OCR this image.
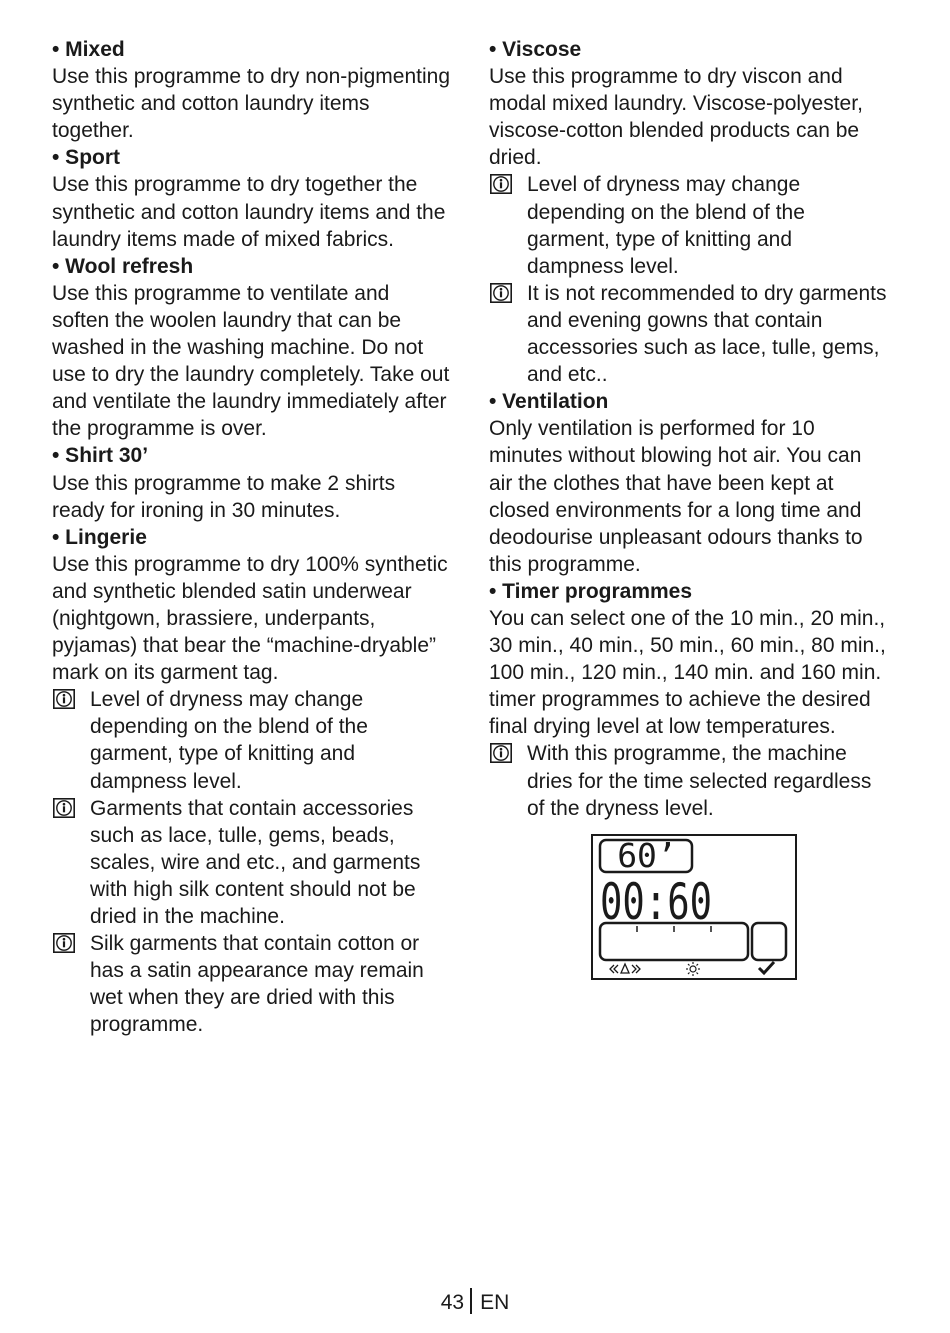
• Mixed

Use this programme to dry non-pigmenting synthetic and cotton laundry items together.

• Sport

Use this programme to dry together the synthetic and cotton laundry items and the laundry items made of mixed fabrics.

• Wool refresh

Use this programme to ventilate and soften the woolen laundry that can be washed in the washing machine. Do not use to dry the laundry completely. Take out and ventilate the laundry immediately after the programme is over.

• Shirt 30’

Use this programme to make 2 shirts ready for ironing in 30 minutes.

• Lingerie

Use this programme to dry 100% synthetic and synthetic blended satin underwear (nightgown, brassiere, underpants, pyjamas) that bear the “machine-dryable” mark on its garment tag.

Level of dryness may change depending on the blend of the garment, type of knitting and dampness level.
Garments that contain accessories such as lace, tulle, gems, beads, scales, wire and etc., and garments with high silk content should not be dried in the machine.
Silk garments that contain cotton or has a satin appearance may remain wet when they are dried with this programme.

• Viscose

Use this programme to dry viscon and modal mixed laundry. Viscose-polyester, viscose-cotton blended products can be dried.

Level of dryness may change depending on the blend of the garment, type of knitting and dampness level.
It is not recommended to dry garments and evening gowns that contain accessories such as lace, tulle, gems, and etc..

• Ventilation

Only ventilation is performed for 10 minutes without blowing hot air. You can air the clothes that have been kept at closed environments for a long time and deodourise unpleasant odours thanks to this programme.

• Timer programmes

You can select one of the 10 min., 20 min., 30 min., 40 min., 50 min., 60 min., 80 min., 100 min., 120 min., 140 min. and 160 min. timer programmes to achieve the desired final drying level at low temperatures.

With this programme, the machine dries for the time selected regardless of the dryness level.
60’
00:60
43 EN
